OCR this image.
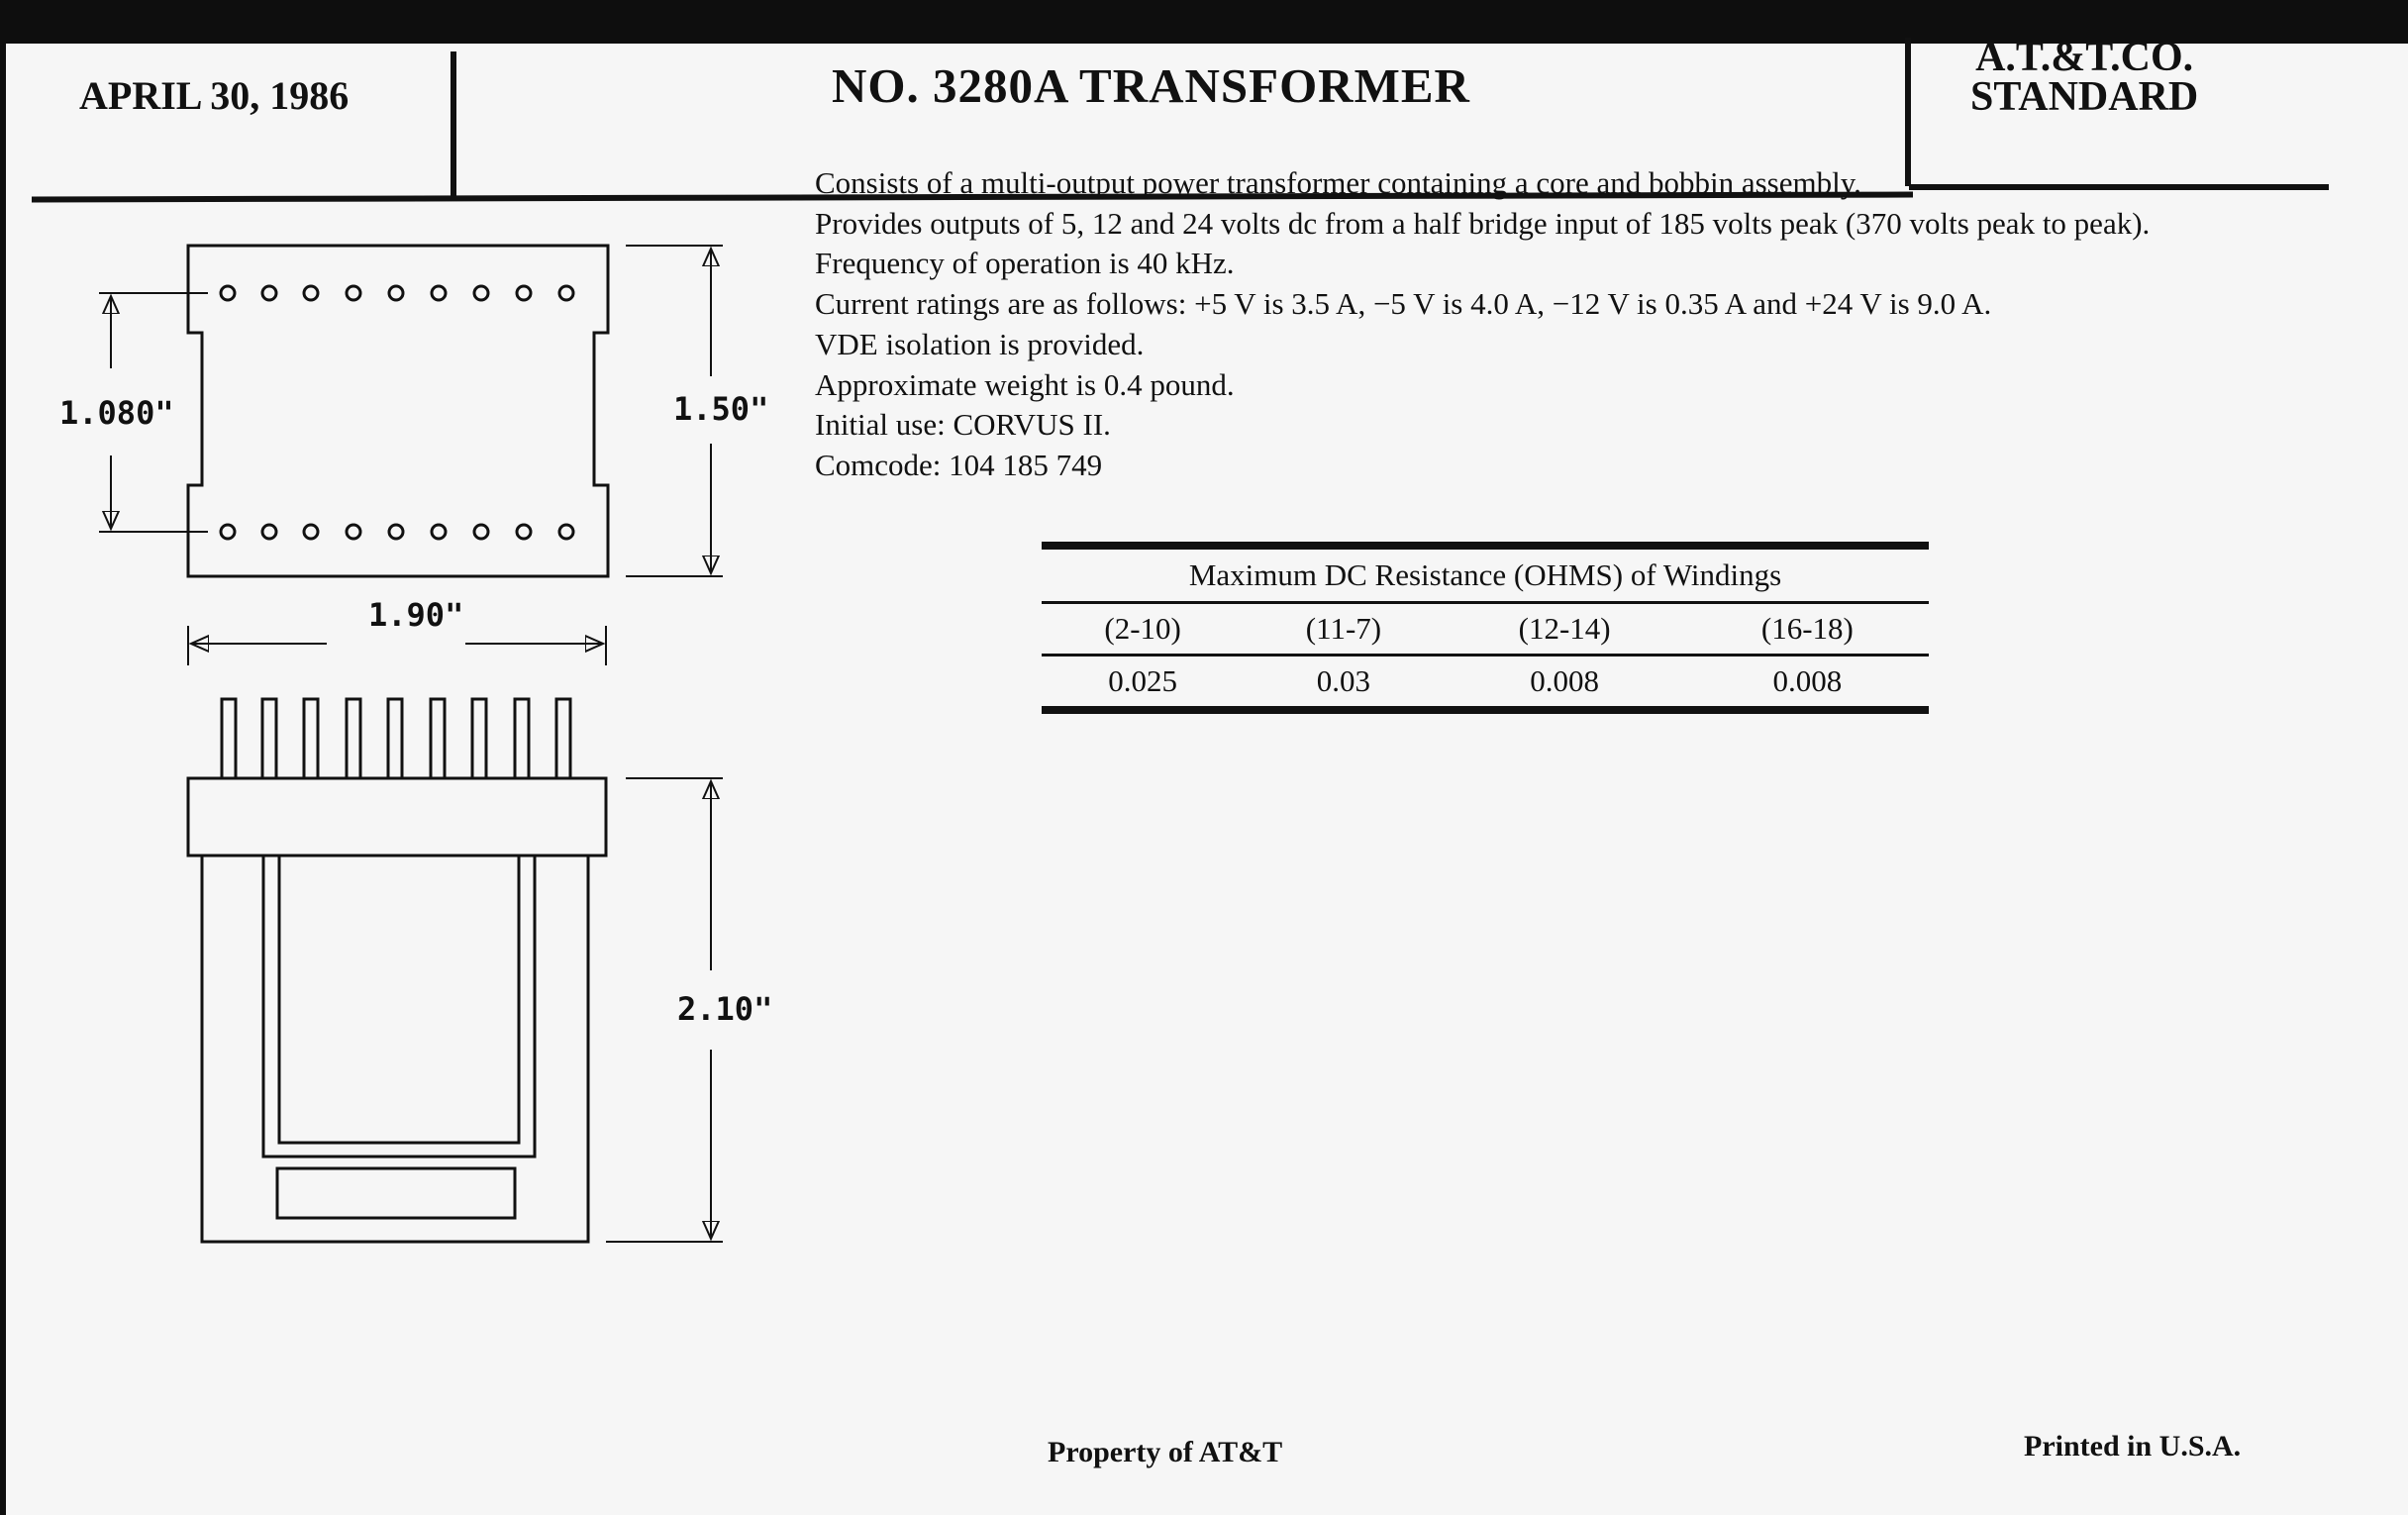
APRIL 30, 1986	NO. 3280A TRANSFORMER
A.T.&T.CO.
STANDARD
Consists of a multi-output power transformer containing a core and bobbin assembly.
Provides outputs of 5, 12 and 24 volts dc from a half bridge input of 185 volts peak (370 volts peak to peak).
Frequency of operation is 40 kHz.
Current ratings are as follows: +5 V is 3.5 A, −5 V is 4.0 A, −12 V is 0.35 A and +24 V is 9.0 A.
VDE isolation is provided.
Approximate weight is 0.4 pound.
Initial use: CORVUS II.
Comcode: 104 185 749
Maximum DC Resistance (OHMS) of Windings			
(2-10)	(11-7)	(12-14)	(16-18)
0.025	0.03	0.008	0.008
1.080"	1.50"
1.90"
2.10"
Property of AT&T	Printed in U.S.A.
